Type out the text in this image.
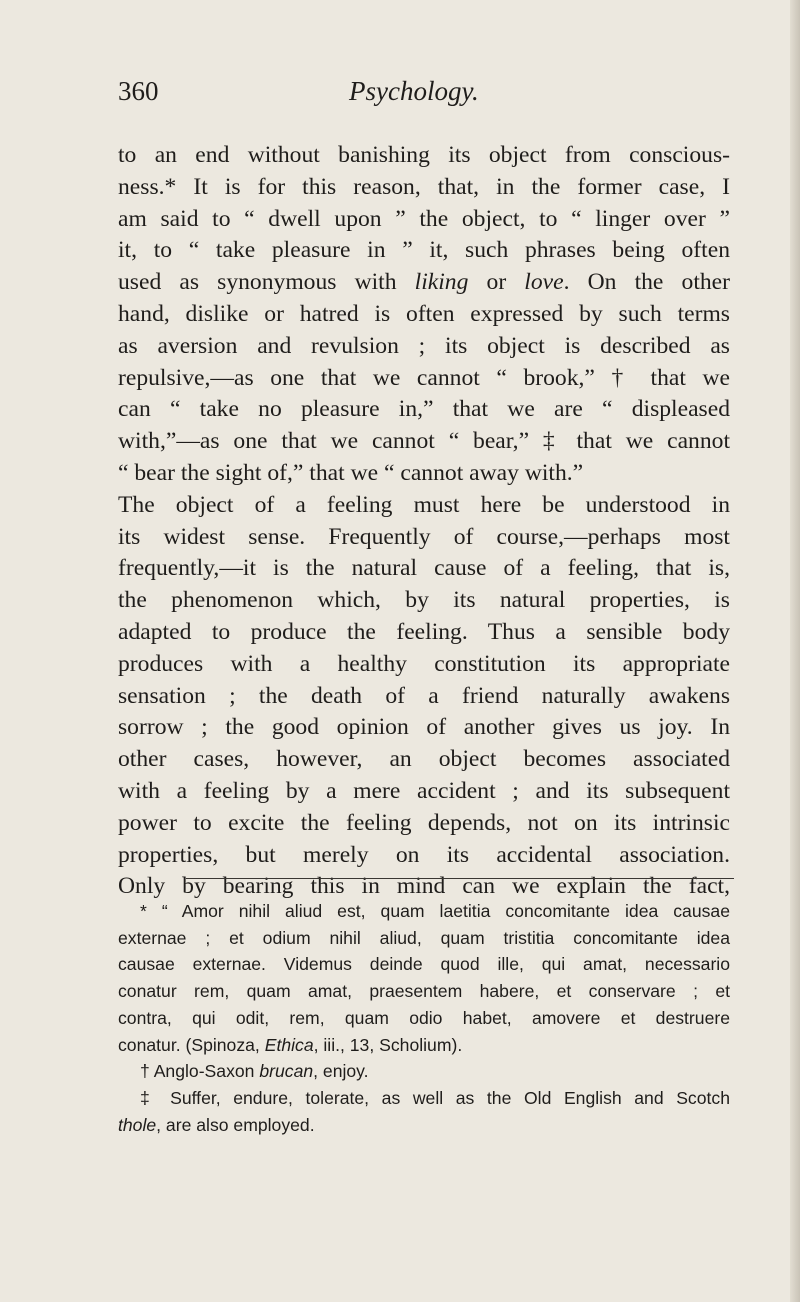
360	Psychology.
to an end without banishing its object from conscious-
ness.* It is for this reason, that, in the former case, I
am said to “ dwell upon ” the object, to “ linger over ”
it, to “ take pleasure in ” it, such phrases being often
used as synonymous with liking or love. On the other
hand, dislike or hatred is often expressed by such terms
as aversion and revulsion ; its object is described as
repulsive,—as one that we cannot “ brook,” † that we
can “ take no pleasure in,” that we are “ displeased
with,”—as one that we cannot “ bear,” ‡ that we cannot
“ bear the sight of,” that we “ cannot away with.”
The object of a feeling must here be understood in
its widest sense. Frequently of course,—perhaps most
frequently,—it is the natural cause of a feeling, that is,
the phenomenon which, by its natural properties, is
adapted to produce the feeling. Thus a sensible body
produces with a healthy constitution its appropriate
sensation ; the death of a friend naturally awakens
sorrow ; the good opinion of another gives us joy. In
other cases, however, an object becomes associated
with a feeling by a mere accident ; and its subsequent
power to excite the feeling depends, not on its intrinsic
properties, but merely on its accidental association.
Only by bearing this in mind can we explain the fact,
* “ Amor nihil aliud est, quam laetitia concomitante idea causae
externae ; et odium nihil aliud, quam tristitia concomitante idea
causae externae. Videmus deinde quod ille, qui amat, necessario
conatur rem, quam amat, praesentem habere, et conservare ; et
contra, qui odit, rem, quam odio habet, amovere et destruere
conatur. (Spinoza, Ethica, iii., 13, Scholium).
† Anglo-Saxon brucan, enjoy.
‡ Suffer, endure, tolerate, as well as the Old English and Scotch
thole, are also employed.
